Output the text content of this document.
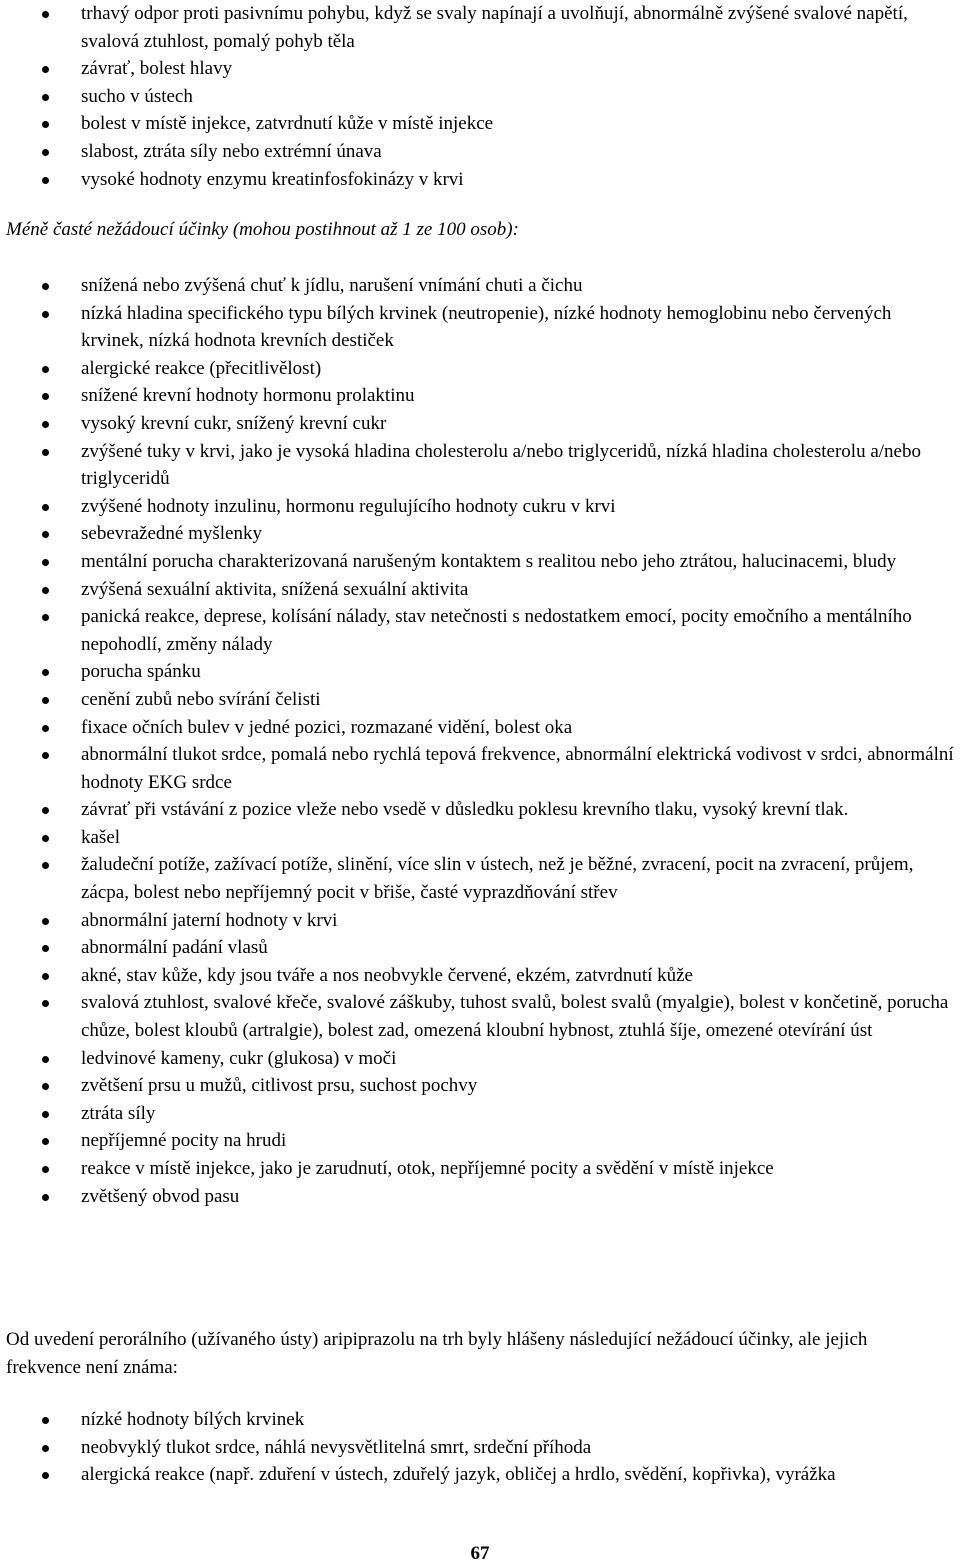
trhavý odpor proti pasivnímu pohybu, když se svaly napínají a uvolňují, abnormálně zvýšené svalové napětí, svalová ztuhlost, pomalý pohyb těla
závrať, bolest hlavy
sucho v ústech
bolest v místě injekce, zatvrdnutí kůže v místě injekce
slabost, ztráta síly nebo extrémní únava
vysoké hodnoty enzymu kreatinfosfokinázy v krvi

Méně časté nežádoucí účinky (mohou postihnout až 1 ze 100 osob):

snížená nebo zvýšená chuť k jídlu, narušení vnímání chuti a čichu
nízká hladina specifického typu bílých krvinek (neutropenie), nízké hodnoty hemoglobinu nebo červených krvinek, nízká hodnota krevních destiček
alergické reakce (přecitlivělost)
snížené krevní hodnoty hormonu prolaktinu
vysoký krevní cukr, snížený krevní cukr
zvýšené tuky v krvi, jako je vysoká hladina cholesterolu a/nebo triglyceridů, nízká hladina cholesterolu a/nebo triglyceridů
zvýšené hodnoty inzulinu, hormonu regulujícího hodnoty cukru v krvi
sebevražedné myšlenky
mentální porucha charakterizovaná narušeným kontaktem s realitou nebo jeho ztrátou, halucinacemi, bludy
zvýšená sexuální aktivita, snížená sexuální aktivita
panická reakce, deprese, kolísání nálady, stav netečnosti s nedostatkem emocí, pocity emočního a mentálního nepohodlí, změny nálady
porucha spánku
cenění zubů nebo svírání čelisti
fixace očních bulev v jedné pozici, rozmazané vidění, bolest oka
abnormální tlukot srdce, pomalá nebo rychlá tepová frekvence, abnormální elektrická vodivost v srdci, abnormální hodnoty EKG srdce
závrať při vstávání z pozice vleže nebo vsedě v důsledku poklesu krevního tlaku, vysoký krevní tlak.
kašel
žaludeční potíže, zažívací potíže, slinění, více slin v ústech, než je běžné, zvracení, pocit na zvracení, průjem, zácpa, bolest nebo nepříjemný pocit v břiše, časté vyprazdňování střev
abnormální jaterní hodnoty v krvi
abnormální padání vlasů
akné, stav kůže, kdy jsou tváře a nos neobvykle červené, ekzém, zatvrdnutí kůže
svalová ztuhlost, svalové křeče, svalové záškuby, tuhost svalů, bolest svalů (myalgie), bolest v končetině, porucha chůze, bolest kloubů (artralgie), bolest zad, omezená kloubní hybnost, ztuhlá šíje, omezené otevírání úst
ledvinové kameny, cukr (glukosa) v moči
zvětšení prsu u mužů, citlivost prsu, suchost pochvy
ztráta síly
nepříjemné pocity na hrudi
reakce v místě injekce, jako je zarudnutí, otok, nepříjemné pocity a svědění v místě injekce
zvětšený obvod pasu

Od uvedení perorálního (užívaného ústy) aripiprazolu na trh byly hlášeny následující nežádoucí účinky, ale jejich frekvence není známa:

nízké hodnoty bílých krvinek
neobvyklý tlukot srdce, náhlá nevysvětlitelná smrt, srdeční příhoda
alergická reakce (např. zduření v ústech, zduřelý jazyk, obličej a hrdlo, svědění, kopřivka), vyrážka

67
